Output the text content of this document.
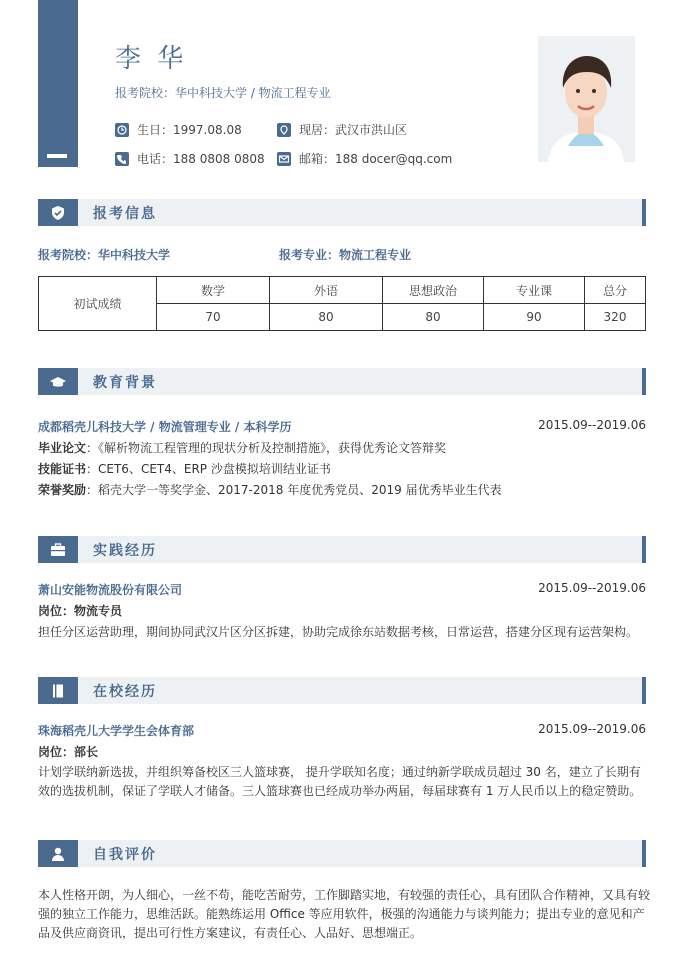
李 华
报考院校：华中科技大学 / 物流工程专业
生日：1997.08.08	现居：武汉市洪山区
电话：188 0808 0808	邮箱：188 docer@qq.com
报考信息
报考院校：华中科技大学	报考专业：物流工程专业
初试成绩	数学	外语	思想政治	专业课	总分
	70	80	80	90	320
教育背景
成都稻壳儿科技大学 / 物流管理专业 / 本科学历	2015.09--2019.06
毕业论文：《解析物流工程管理的现状分析及控制措施》，获得优秀论文答辩奖
技能证书：CET6、CET4、ERP 沙盘模拟培训结业证书
荣誉奖励：稻壳大学一等奖学金、2017-2018 年度优秀党员、2019 届优秀毕业生代表
实践经历
萧山安能物流股份有限公司	2015.09--2019.06
岗位：物流专员
担任分区运营助理，期间协同武汉片区分区拆建，协助完成徐东站数据考核，日常运营，搭建分区现有运营架构。
在校经历
珠海稻壳儿大学学生会体育部	2015.09--2019.06
岗位：部长
计划学联纳新选拔，并组织筹备校区三人篮球赛， 提升学联知名度；通过纳新学联成员超过 30 名，建立了长期有效的选拔机制，保证了学联人才储备。三人篮球赛也已经成功举办两届，每届球赛有 1 万人民币以上的稳定赞助。
自我评价
本人性格开朗，为人细心，一丝不苟，能吃苦耐劳，工作脚踏实地，有较强的责任心，具有团队合作精神，又具有较强的独立工作能力，思维活跃。能熟练运用 Office 等应用软件，极强的沟通能力与谈判能力；提出专业的意见和产品及供应商资讯，提出可行性方案建议，有责任心、人品好、思想端正。
